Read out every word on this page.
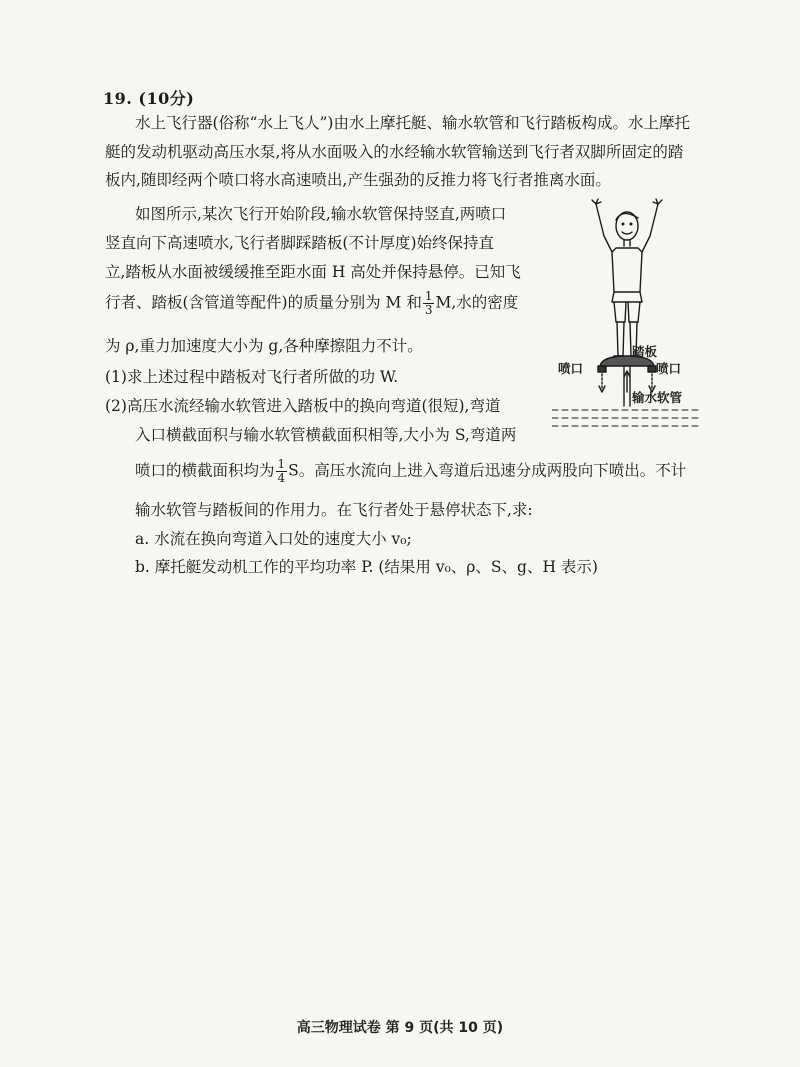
19. (10分)
水上飞行器(俗称“水上飞人”)由水上摩托艇、输水软管和飞行踏板构成。水上摩托
艇的发动机驱动高压水泵,将从水面吸入的水经输水软管输送到飞行者双脚所固定的踏
板内,随即经两个喷口将水高速喷出,产生强劲的反推力将飞行者推离水面。
如图所示,某次飞行开始阶段,输水软管保持竖直,两喷口
竖直向下高速喷水,飞行者脚踩踏板(不计厚度)始终保持直
立,踏板从水面被缓缓推至距水面 H 高处并保持悬停。已知飞
行者、踏板(含管道等配件)的质量分别为 M 和 $\frac{1}{3} M$,水的密度
为 ρ,重力加速度大小为 g,各种摩擦阻力不计。
(1)求上述过程中踏板对飞行者所做的功 W.
(2)高压水流经输水软管进入踏板中的换向弯道(很短),弯道
入口横截面积与输水软管横截面积相等,大小为 S,弯道两
喷口的横截面积均为 $\frac{1}{4}$ S。高压水流向上进入弯道后迅速分成两股向下喷出。不计
输水软管与踏板间的作用力。在飞行者处于悬停状态下,求:
a. 水流在换向弯道入口处的速度大小 v₀;
b. 摩托艇发动机工作的平均功率 P. (结果用 v₀、ρ、S、g、H 表示)
喷口
踏板
喷口
输水软管
高三物理试卷 第 9 页(共 10 页)
